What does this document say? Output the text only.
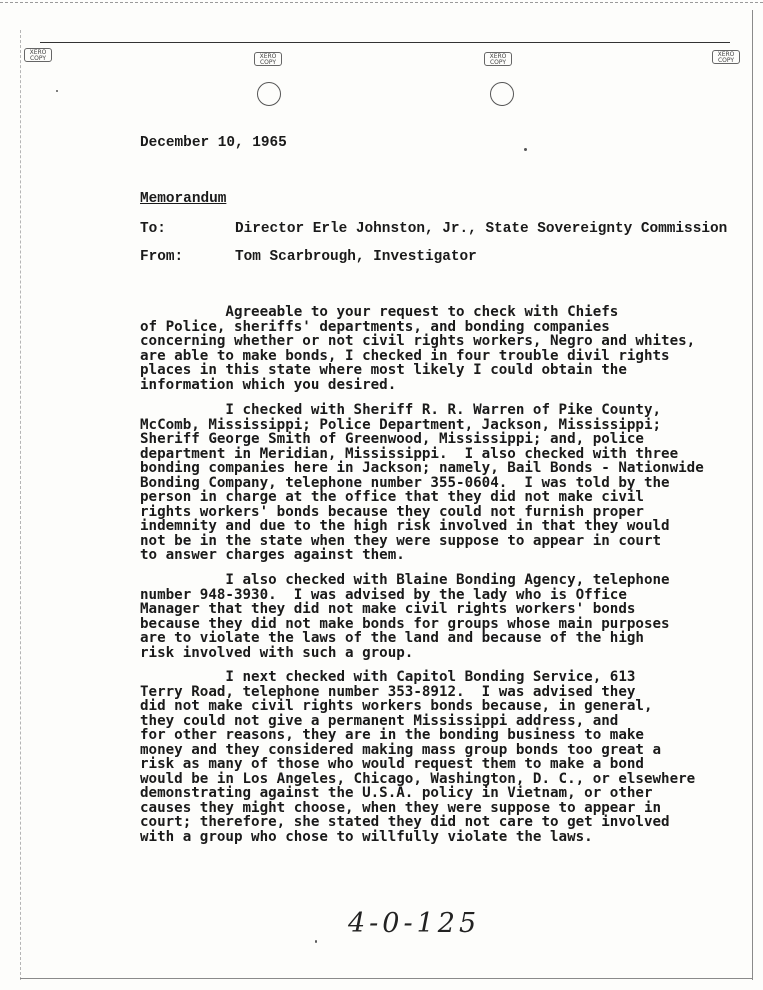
XERO COPY	XERO COPY
XERO COPY
XERO COPY
December 10, 1965
Memorandum
To:	Director Erle Johnston, Jr., State Sovereignty Commission
From:	Tom Scarbrough, Investigator
Agreeable to your request to check with Chiefs
of Police, sheriffs' departments, and bonding companies
concerning whether or not civil rights workers, Negro and whites,
are able to make bonds, I checked in four trouble divil rights
places in this state where most likely I could obtain the
information which you desired.
I checked with Sheriff R. R. Warren of Pike County,
McComb, Mississippi; Police Department, Jackson, Mississippi;
Sheriff George Smith of Greenwood, Mississippi; and, police
department in Meridian, Mississippi.  I also checked with three
bonding companies here in Jackson; namely, Bail Bonds - Nationwide
Bonding Company, telephone number 355-0604.  I was told by the
person in charge at the office that they did not make civil
rights workers' bonds because they could not furnish proper
indemnity and due to the high risk involved in that they would
not be in the state when they were suppose to appear in court
to answer charges against them.
I also checked with Blaine Bonding Agency, telephone
number 948-3930.  I was advised by the lady who is Office
Manager that they did not make civil rights workers' bonds
because they did not make bonds for groups whose main purposes
are to violate the laws of the land and because of the high
risk involved with such a group.
I next checked with Capitol Bonding Service, 613
Terry Road, telephone number 353-8912.  I was advised they
did not make civil rights workers bonds because, in general,
they could not give a permanent Mississippi address, and
for other reasons, they are in the bonding business to make
money and they considered making mass group bonds too great a
risk as many of those who would request them to make a bond
would be in Los Angeles, Chicago, Washington, D. C., or elsewhere
demonstrating against the U.S.A. policy in Vietnam, or other
causes they might choose, when they were suppose to appear in
court; therefore, she stated they did not care to get involved
with a group who chose to willfully violate the laws.
4-0-125
